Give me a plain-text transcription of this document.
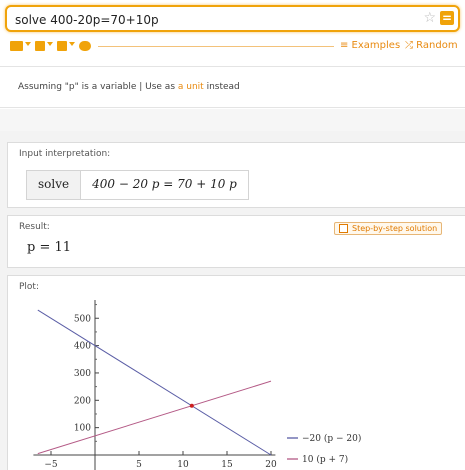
solve 400-20p=70+10p
☆ =
≡ Examples ⤮ Random
Assuming "p" is a variable | Use as a unit instead
Input interpretation:
solve	400 − 20 p = 70 + 10 p
Result:	Step-by-step solution
p = 11
Plot:
−5	5	10	15	20
100
200
300
400
500
−20 (p − 20)
10 (p + 7)
